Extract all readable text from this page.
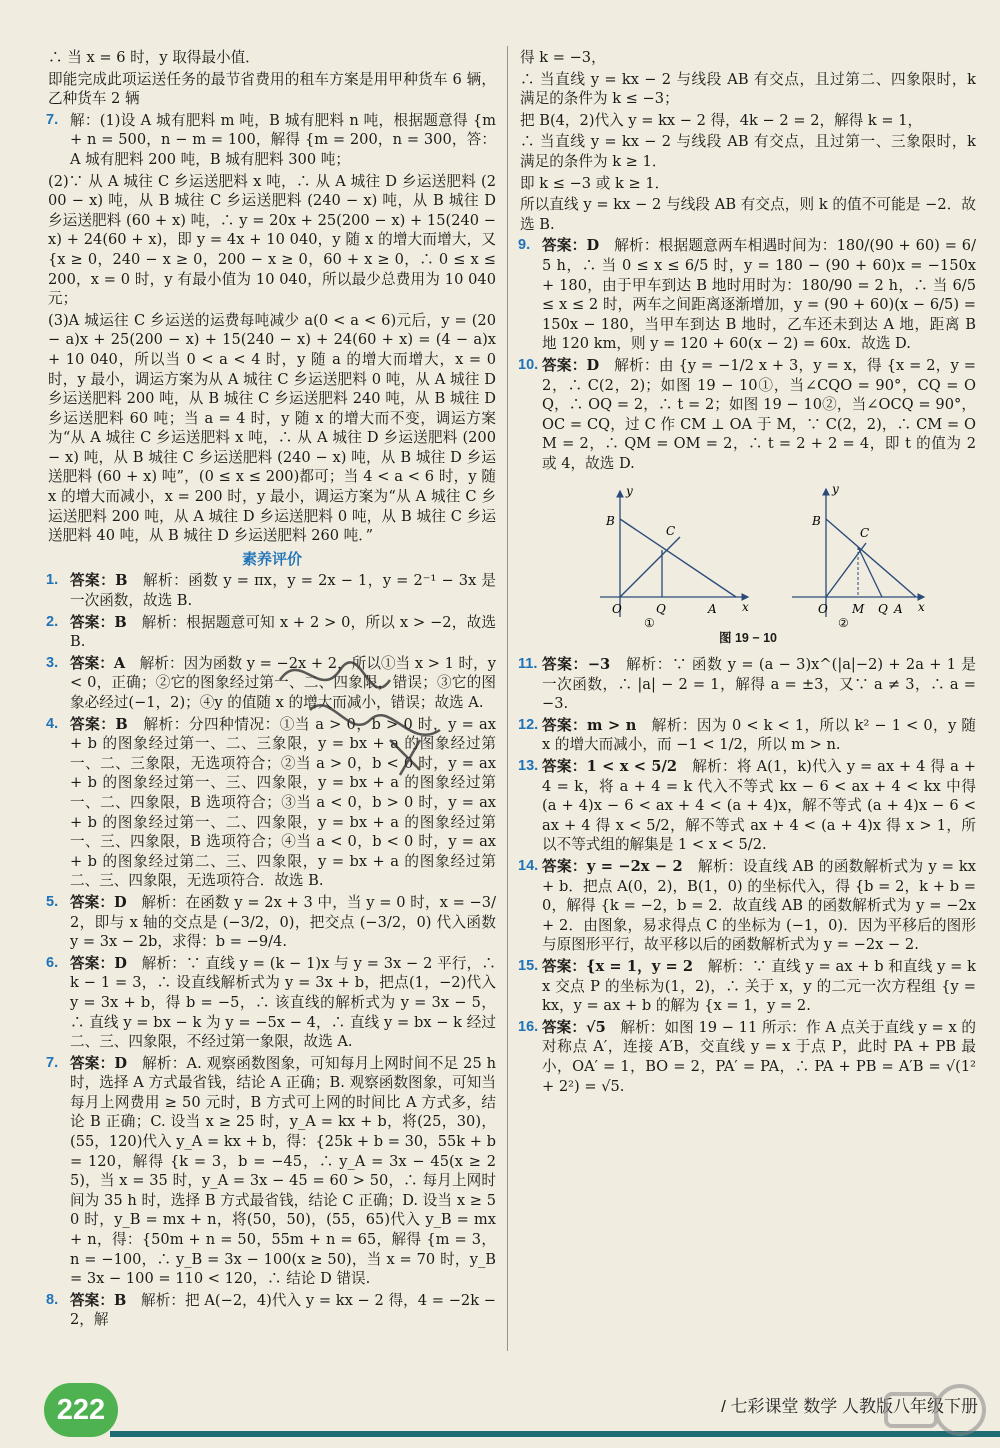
∴ 当 x = 6 时，y 取得最小值．

即能完成此项运送任务的最节省费用的租车方案是用甲种货车 6 辆，乙种货车 2 辆

7. 解：(1)设 A 城有肥料 m 吨，B 城有肥料 n 吨，根据题意得 {m + n = 500，n − m = 100，解得 {m = 200，n = 300，答：A 城有肥料 200 吨，B 城有肥料 300 吨；

(2)∵ 从 A 城往 C 乡运送肥料 x 吨，∴ 从 A 城往 D 乡运送肥料 (200 − x) 吨，从 B 城往 C 乡运送肥料 (240 − x) 吨，从 B 城往 D 乡运送肥料 (60 + x) 吨，∴ y = 20x + 25(200 − x) + 15(240 − x) + 24(60 + x)，即 y = 4x + 10 040，y 随 x 的增大而增大，又 {x ≥ 0，240 − x ≥ 0，200 − x ≥ 0，60 + x ≥ 0，∴ 0 ≤ x ≤ 200，x = 0 时，y 有最小值为 10 040，所以最少总费用为 10 040 元；

(3)A 城运往 C 乡运送的运费每吨减少 a(0 < a < 6)元后，y = (20 − a)x + 25(200 − x) + 15(240 − x) + 24(60 + x) = (4 − a)x + 10 040，所以当 0 < a < 4 时，y 随 a 的增大而增大，x = 0 时，y 最小，调运方案为从 A 城往 C 乡运送肥料 0 吨，从 A 城往 D 乡运送肥料 200 吨，从 B 城往 C 乡运送肥料 240 吨，从 B 城往 D 乡运送肥料 60 吨；当 a = 4 时，y 随 x 的增大而不变，调运方案为“从 A 城往 C 乡运送肥料 x 吨，∴ 从 A 城往 D 乡运送肥料 (200 − x) 吨，从 B 城往 C 乡运送肥料 (240 − x) 吨，从 B 城往 D 乡运送肥料 (60 + x) 吨”，(0 ≤ x ≤ 200)都可；当 4 < a < 6 时，y 随 x 的增大而减小，x = 200 时，y 最小，调运方案为“从 A 城往 C 乡运送肥料 200 吨，从 A 城往 D 乡运送肥料 0 吨，从 B 城往 C 乡运送肥料 40 吨，从 B 城往 D 乡运送肥料 260 吨．”

素养评价
1. 答案：B　解析：函数 y = πx，y = 2x − 1，y = 2⁻¹ − 3x 是一次函数，故选 B.
2. 答案：B　解析：根据题意可知 x + 2 > 0，所以 x > −2，故选 B.
3. 答案：A　解析：因为函数 y = −2x + 2，所以①当 x > 1 时，y < 0，正确；②它的图象经过第一、二、四象限，错误；③它的图象必经过(−1，2)；④y 的值随 x 的增大而减小，错误；故选 A.
4. 答案：B　解析：分四种情况：①当 a > 0，b > 0 时，y = ax + b 的图象经过第一、二、三象限，y = bx + a 的图象经过第一、二、三象限，无选项符合；②当 a > 0，b < 0 时，y = ax + b 的图象经过第一、三、四象限，y = bx + a 的图象经过第一、二、四象限，B 选项符合；③当 a < 0，b > 0 时，y = ax + b 的图象经过第一、二、四象限，y = bx + a 的图象经过第一、三、四象限，B 选项符合；④当 a < 0，b < 0 时，y = ax + b 的图象经过第二、三、四象限，y = bx + a 的图象经过第二、三、四象限，无选项符合．故选 B.
5. 答案：D　解析：在函数 y = 2x + 3 中，当 y = 0 时，x = −3/2，即与 x 轴的交点是 (−3/2，0)，把交点 (−3/2，0) 代入函数 y = 3x − 2b，求得：b = −9/4.
6. 答案：D　解析：∵ 直线 y = (k − 1)x 与 y = 3x − 2 平行，∴ k − 1 = 3，∴ 设直线解析式为 y = 3x + b，把点(1，−2)代入 y = 3x + b，得 b = −5，∴ 该直线的解析式为 y = 3x − 5，∴ 直线 y = bx − k 为 y = −5x − 4，∴ 直线 y = bx − k 经过二、三、四象限，不经过第一象限，故选 A.
7. 答案：D　解析：A. 观察函数图象，可知每月上网时间不足 25 h 时，选择 A 方式最省钱，结论 A 正确；B. 观察函数图象，可知当每月上网费用 ≥ 50 元时，B 方式可上网的时间比 A 方式多，结论 B 正确；C. 设当 x ≥ 25 时，y_A = kx + b，将(25，30)，(55，120)代入 y_A = kx + b，得：{25k + b = 30，55k + b = 120，解得 {k = 3，b = −45，∴ y_A = 3x − 45(x ≥ 25)，当 x = 35 时，y_A = 3x − 45 = 60 > 50，∴ 每月上网时间为 35 h 时，选择 B 方式最省钱，结论 C 正确；D. 设当 x ≥ 50 时，y_B = mx + n，将(50，50)，(55，65)代入 y_B = mx + n，得：{50m + n = 50，55m + n = 65，解得 {m = 3，n = −100，∴ y_B = 3x − 100(x ≥ 50)，当 x = 70 时，y_B = 3x − 100 = 110 < 120，∴ 结论 D 错误.
8. 答案：B　解析：把 A(−2，4)代入 y = kx − 2 得，4 = −2k − 2，解

得 k = −3，

∴ 当直线 y = kx − 2 与线段 AB 有交点，且过第二、四象限时，k 满足的条件为 k ≤ −3；

把 B(4，2)代入 y = kx − 2 得，4k − 2 = 2，解得 k = 1，

∴ 当直线 y = kx − 2 与线段 AB 有交点，且过第一、三象限时，k 满足的条件为 k ≥ 1．

即 k ≤ −3 或 k ≥ 1．

所以直线 y = kx − 2 与线段 AB 有交点，则 k 的值不可能是 −2．故选 B.

9. 答案：D　解析：根据题意两车相遇时间为：180/(90 + 60) = 6/5 h，∴ 当 0 ≤ x ≤ 6/5 时，y = 180 − (90 + 60)x = −150x + 180，由于甲车到达 B 地时用时为：180/90 = 2 h，∴ 当 6/5 ≤ x ≤ 2 时，两车之间距离逐渐增加，y = (90 + 60)(x − 6/5) = 150x − 180，当甲车到达 B 地时，乙车还未到达 A 地，距离 B 地 120 km，则 y = 120 + 60(x − 2) = 60x．故选 D.
10. 答案：D　解析：由 {y = −1/2 x + 3，y = x，得 {x = 2，y = 2，∴ C(2，2)；如图 19 − 10①，当∠CQO = 90°，CQ = OQ，∴ OQ = 2，∴ t = 2；如图 19 − 10②，当∠OCQ = 90°，OC = CQ，过 C 作 CM ⊥ OA 于 M，∵ C(2，2)，∴ CM = OM = 2，∴ QM = OM = 2，∴ t = 2 + 2 = 4，即 t 的值为 2 或 4，故选 D.
y
x
B
C
O	Q	A
y
x
B
C
O M Q A
①	②
图 19 − 10
11. 答案：−3　解析：∵ 函数 y = (a − 3)x^(|a|−2) + 2a + 1 是一次函数，∴ |a| − 2 = 1，解得 a = ±3，又∵ a ≠ 3，∴ a = −3.
12. 答案：m > n　解析：因为 0 < k < 1，所以 k² − 1 < 0，y 随 x 的增大而减小，而 −1 < 1/2，所以 m > n.
13. 答案：1 < x < 5/2　解析：将 A(1，k)代入 y = ax + 4 得 a + 4 = k，将 a + 4 = k 代入不等式 kx − 6 < ax + 4 < kx 中得 (a + 4)x − 6 < ax + 4 < (a + 4)x，解不等式 (a + 4)x − 6 < ax + 4 得 x < 5/2，解不等式 ax + 4 < (a + 4)x 得 x > 1，所以不等式组的解集是 1 < x < 5/2.
14. 答案：y = −2x − 2　解析：设直线 AB 的函数解析式为 y = kx + b．把点 A(0，2)，B(1，0) 的坐标代入，得 {b = 2，k + b = 0，解得 {k = −2，b = 2．故直线 AB 的函数解析式为 y = −2x + 2．由图象，易求得点 C 的坐标为 (−1，0)．因为平移后的图形与原图形平行，故平移以后的函数解析式为 y = −2x − 2.
15. 答案：{x = 1，y = 2　解析：∵ 直线 y = ax + b 和直线 y = kx 交点 P 的坐标为(1，2)，∴ 关于 x，y 的二元一次方程组 {y = kx，y = ax + b 的解为 {x = 1，y = 2.
16. 答案：√5　解析：如图 19 − 11 所示：作 A 点关于直线 y = x 的对称点 A′，连接 A′B，交直线 y = x 于点 P，此时 PA + PB 最小，OA′ = 1，BO = 2，PA′ = PA，∴ PA + PB = A′B = √(1² + 2²) = √5.
222	/ 七彩课堂 数学 人教版八年级下册
